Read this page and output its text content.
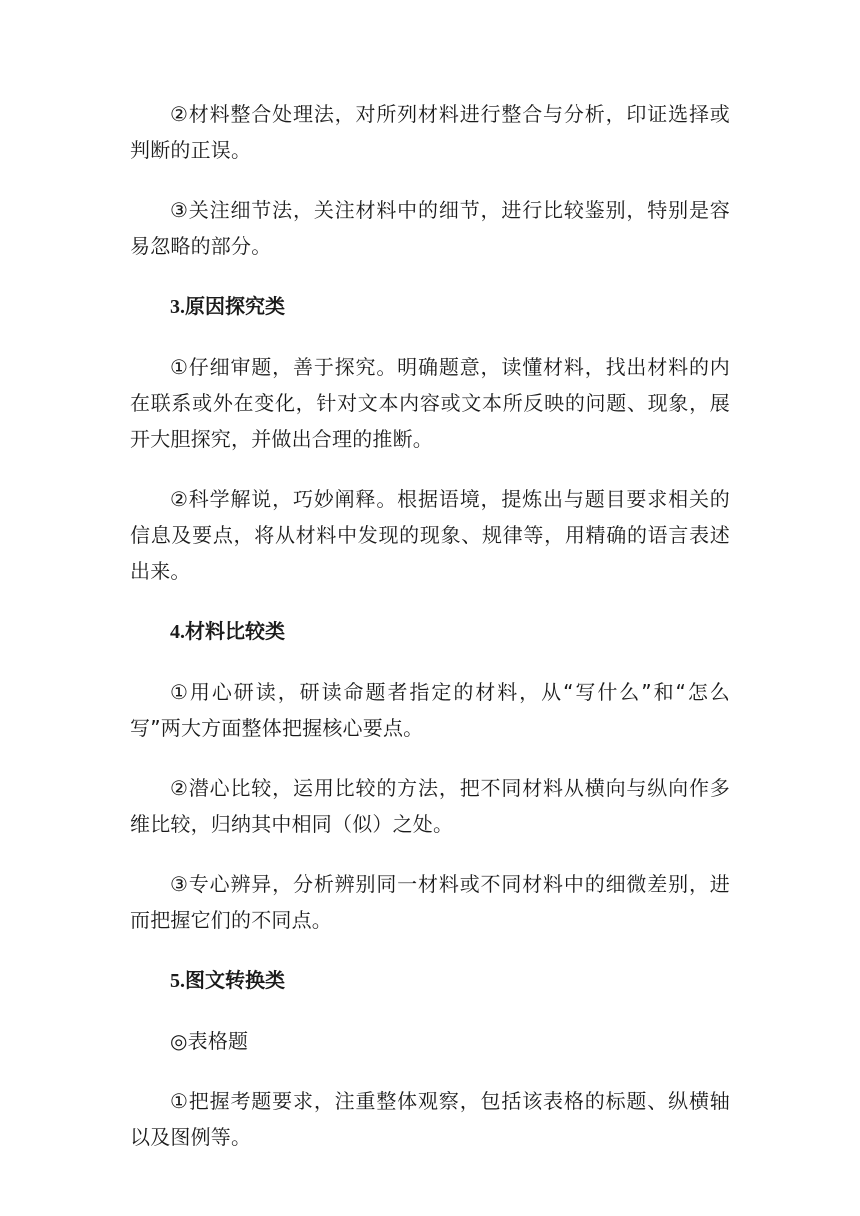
②材料整合处理法，对所列材料进行整合与分析，印证选择或判断的正误。

③关注细节法，关注材料中的细节，进行比较鉴别，特别是容易忽略的部分。

3.原因探究类

①仔细审题，善于探究。明确题意，读懂材料，找出材料的内在联系或外在变化，针对文本内容或文本所反映的问题、现象，展开大胆探究，并做出合理的推断。

②科学解说，巧妙阐释。根据语境，提炼出与题目要求相关的信息及要点，将从材料中发现的现象、规律等，用精确的语言表述出来。

4.材料比较类

①用心研读，研读命题者指定的材料，从“写什么”和“怎么写”两大方面整体把握核心要点。

②潜心比较，运用比较的方法，把不同材料从横向与纵向作多维比较，归纳其中相同（似）之处。

③专心辨异，分析辨别同一材料或不同材料中的细微差别，进而把握它们的不同点。

5.图文转换类

◎表格题

①把握考题要求，注重整体观察，包括该表格的标题、纵横轴以及图例等。
